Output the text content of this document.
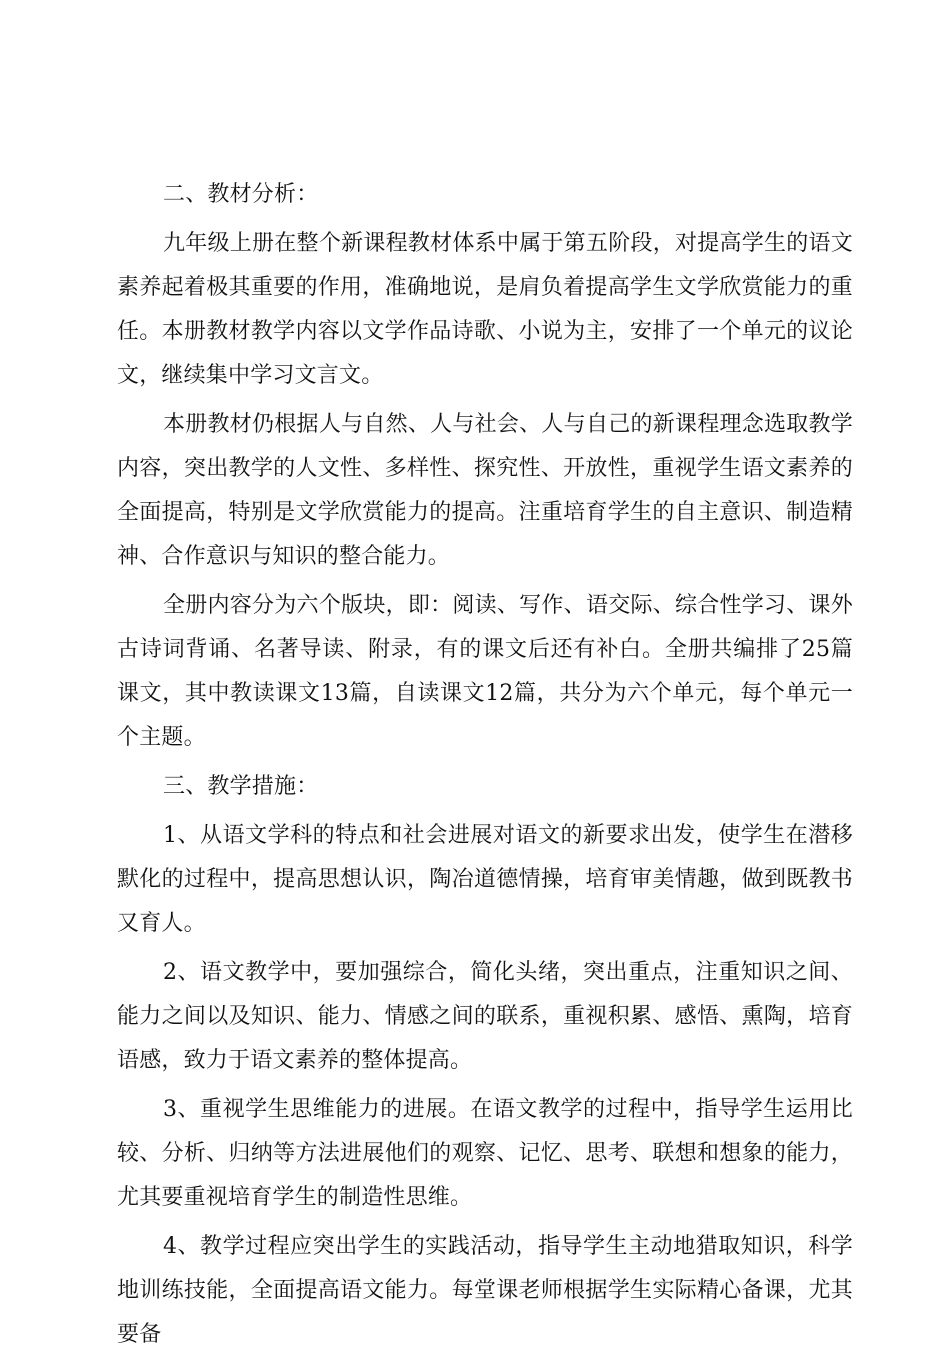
二、教材分析：

九年级上册在整个新课程教材体系中属于第五阶段，对提高学生的语文素养起着极其重要的作用，准确地说，是肩负着提高学生文学欣赏能力的重任。本册教材教学内容以文学作品诗歌、小说为主，安排了一个单元的议论文，继续集中学习文言文。

本册教材仍根据人与自然、人与社会、人与自己的新课程理念选取教学内容，突出教学的人文性、多样性、探究性、开放性，重视学生语文素养的全面提高，特别是文学欣赏能力的提高。注重培育学生的自主意识、制造精神、合作意识与知识的整合能力。

全册内容分为六个版块，即：阅读、写作、语交际、综合性学习、课外古诗词背诵、名著导读、附录，有的课文后还有补白。全册共编排了25篇课文，其中教读课文13篇，自读课文12篇，共分为六个单元，每个单元一个主题。

三、教学措施：

1、从语文学科的特点和社会进展对语文的新要求出发，使学生在潜移默化的过程中，提高思想认识，陶冶道德情操，培育审美情趣，做到既教书又育人。

2、语文教学中，要加强综合，简化头绪，突出重点，注重知识之间、能力之间以及知识、能力、情感之间的联系，重视积累、感悟、熏陶，培育语感，致力于语文素养的整体提高。

3、重视学生思维能力的进展。在语文教学的过程中，指导学生运用比较、分析、归纳等方法进展他们的观察、记忆、思考、联想和想象的能力，尤其要重视培育学生的制造性思维。

4、教学过程应突出学生的实践活动，指导学生主动地猎取知识，科学地训练技能，全面提高语文能力。每堂课老师根据学生实际精心备课，尤其要备
